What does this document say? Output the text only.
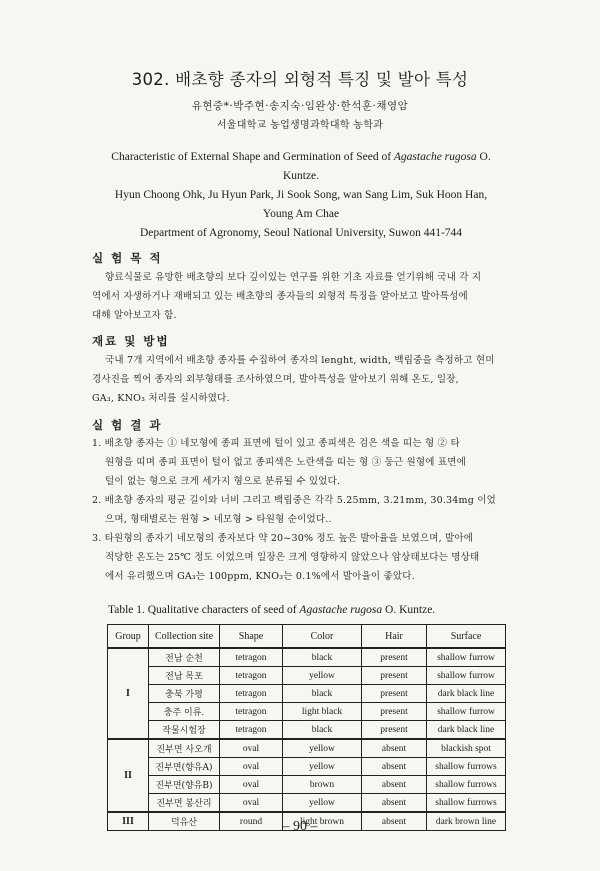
302. 배초향 종자의 외형적 특징 및 발아 특성
유현중*·박주현·송지숙·임완상·한석훈·채영암
서울대학교 농업생명과학대학 농학과
Characteristic of External Shape and Germination of Seed of Agastache rugosa O.
Kuntze.
Hyun Choong Ohk, Ju Hyun Park, Ji Sook Song, wan Sang Lim, Suk Hoon Han,
Young Am Chae
Department of Agronomy, Seoul National University, Suwon 441-744
실 험 목 적
향료식물로 유망한 배초향의 보다 깊이있는 연구를 위한 기초 자료를 얻기위해 국내 각 지
역에서 자생하거나 재배되고 있는 배초향의 종자들의 외형적 특징을 알아보고 발아특성에
대해 알아보고자 함.
재료 및 방법
국내 7개 지역에서 배초향 종자를 수집하여 종자의 lenght, width, 백립중을 측정하고 현미
경사진을 찍어 종자의 외부형태를 조사하였으며, 발아특성을 알아보기 위해 온도, 일장,
GA₃, KNO₃ 처리를 실시하였다.
실 험 결 과
1. 배초향 종자는 ① 네모형에 종피 표면에 털이 있고 종피색은 검은 색을 띠는 형 ② 타
원형을 띠며 종피 표면이 털이 없고 종피색은 노란색을 띠는 형 ③ 둥근 원형에 표면에
털이 없는 형으로 크게 세가지 형으로 분류될 수 있었다.
2. 배초향 종자의 평균 길이와 너비 그리고 백립중은 각각 5.25mm, 3.21mm, 30.34mg 이었
으며, 형태별로는 원형 > 네모형 > 타원형 순이었다..
3. 타원형의 종자기 네모형의 종자보다 약 20~30% 정도 높은 발아율을 보였으며, 발아에
적당한 온도는 25℃ 정도 이었으며 일장은 크게 영향하지 않았으나 암상태보다는 명상태
에서 유리했으며 GA₃는 100ppm, KNO₃는 0.1%에서 발아율이 좋았다.
Table 1. Qualitative characters of seed of Agastache rugosa O. Kuntze.
Group	Collection site	Shape	Color	Hair	Surface
I	전남 순천	tetragon	black	present	shallow furrow
	전남 목포	tetragon	yellow	present	shallow furrow
	충북 가평	tetragon	black	present	dark black line
	충주 이류.	tetragon	light black	present	shallow furrow
	작물시험장	tetragon	black	present	dark black line
II	진부면 사오개	oval	yellow	absent	blackish spot
	진부면(향유A)	oval	yellow	absent	shallow furrows
	진부면(향유B)	oval	brown	absent	shallow furrows
	진부면 봉산리	oval	yellow	absent	shallow furrows
III	덕유산	round	light brown	absent	dark brown line
– 90 –
